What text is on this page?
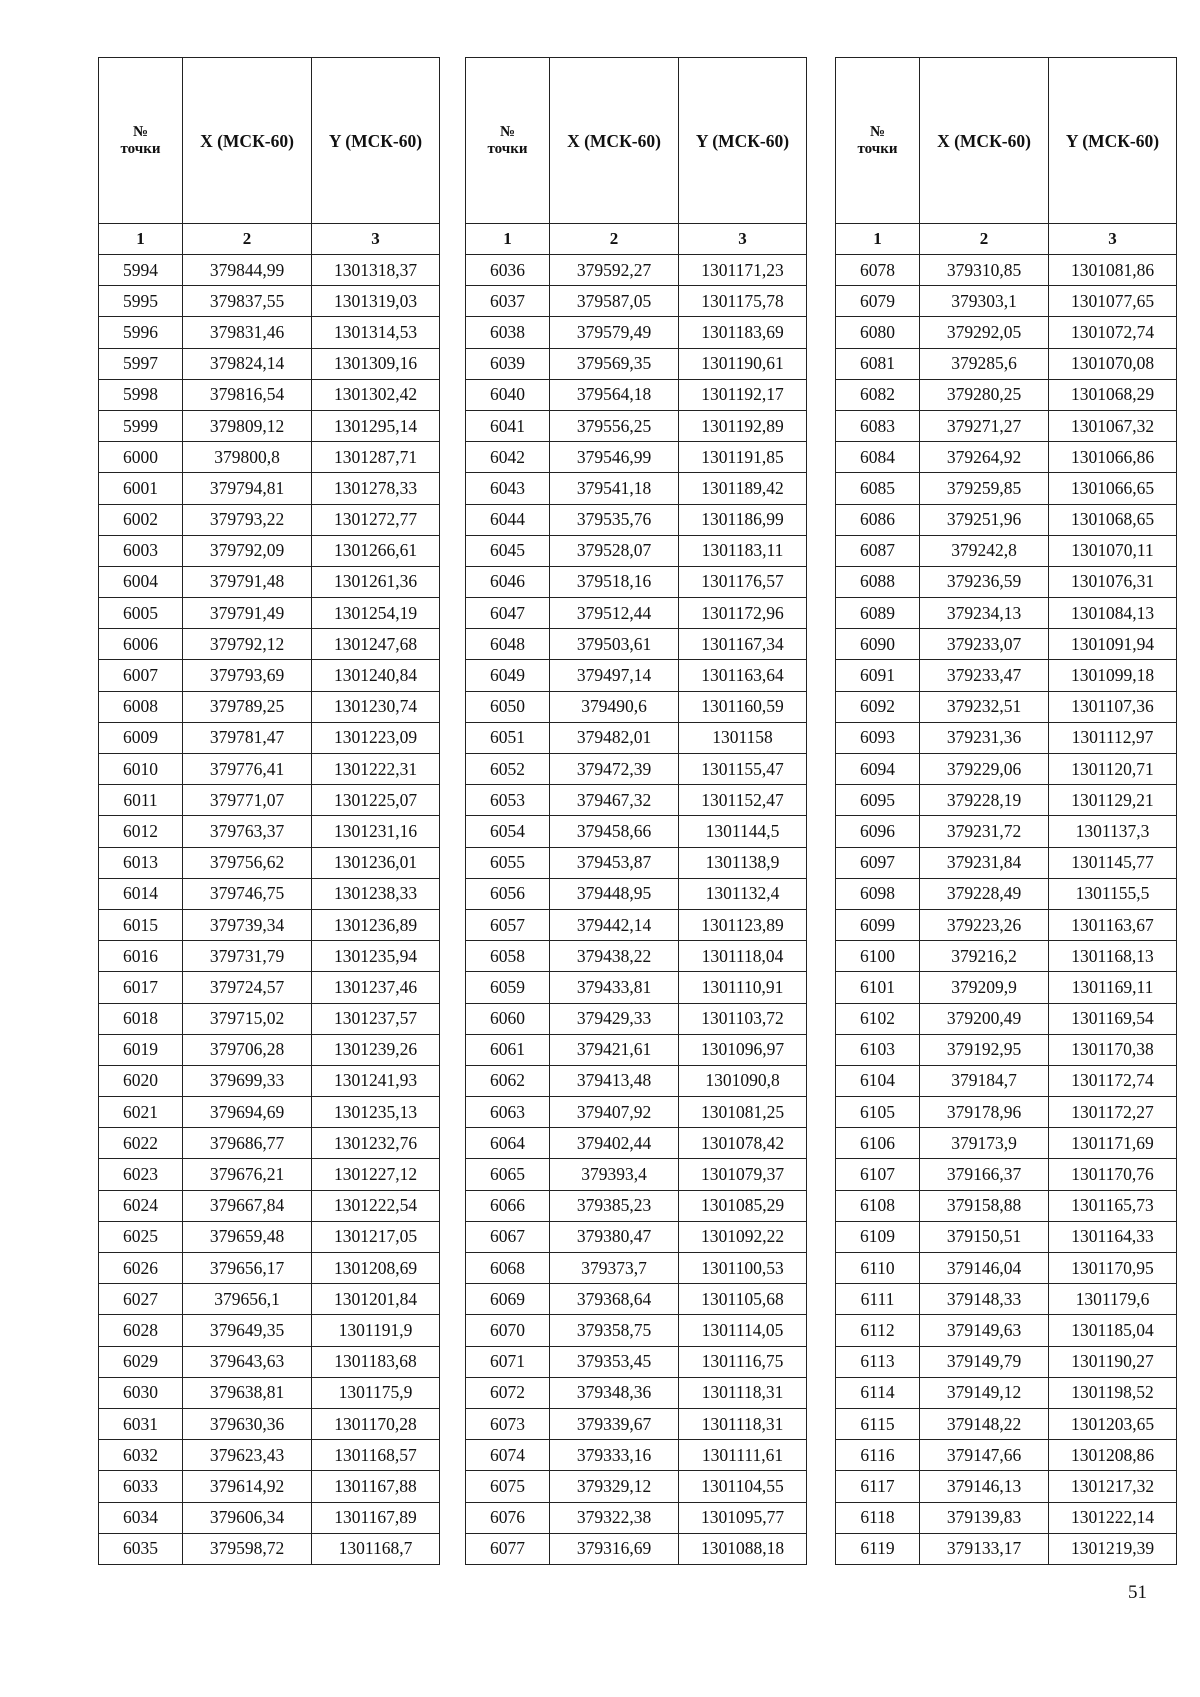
№
точки	X (МСК-60)	Y (МСК-60)
1	2	3
5994	379844,99	1301318,37
5995	379837,55	1301319,03
5996	379831,46	1301314,53
5997	379824,14	1301309,16
5998	379816,54	1301302,42
5999	379809,12	1301295,14
6000	379800,8	1301287,71
6001	379794,81	1301278,33
6002	379793,22	1301272,77
6003	379792,09	1301266,61
6004	379791,48	1301261,36
6005	379791,49	1301254,19
6006	379792,12	1301247,68
6007	379793,69	1301240,84
6008	379789,25	1301230,74
6009	379781,47	1301223,09
6010	379776,41	1301222,31
6011	379771,07	1301225,07
6012	379763,37	1301231,16
6013	379756,62	1301236,01
6014	379746,75	1301238,33
6015	379739,34	1301236,89
6016	379731,79	1301235,94
6017	379724,57	1301237,46
6018	379715,02	1301237,57
6019	379706,28	1301239,26
6020	379699,33	1301241,93
6021	379694,69	1301235,13
6022	379686,77	1301232,76
6023	379676,21	1301227,12
6024	379667,84	1301222,54
6025	379659,48	1301217,05
6026	379656,17	1301208,69
6027	379656,1	1301201,84
6028	379649,35	1301191,9
6029	379643,63	1301183,68
6030	379638,81	1301175,9
6031	379630,36	1301170,28
6032	379623,43	1301168,57
6033	379614,92	1301167,88
6034	379606,34	1301167,89
6035	379598,72	1301168,7
№
точки	X (МСК-60)	Y (МСК-60)
1	2	3
6036	379592,27	1301171,23
6037	379587,05	1301175,78
6038	379579,49	1301183,69
6039	379569,35	1301190,61
6040	379564,18	1301192,17
6041	379556,25	1301192,89
6042	379546,99	1301191,85
6043	379541,18	1301189,42
6044	379535,76	1301186,99
6045	379528,07	1301183,11
6046	379518,16	1301176,57
6047	379512,44	1301172,96
6048	379503,61	1301167,34
6049	379497,14	1301163,64
6050	379490,6	1301160,59
6051	379482,01	1301158
6052	379472,39	1301155,47
6053	379467,32	1301152,47
6054	379458,66	1301144,5
6055	379453,87	1301138,9
6056	379448,95	1301132,4
6057	379442,14	1301123,89
6058	379438,22	1301118,04
6059	379433,81	1301110,91
6060	379429,33	1301103,72
6061	379421,61	1301096,97
6062	379413,48	1301090,8
6063	379407,92	1301081,25
6064	379402,44	1301078,42
6065	379393,4	1301079,37
6066	379385,23	1301085,29
6067	379380,47	1301092,22
6068	379373,7	1301100,53
6069	379368,64	1301105,68
6070	379358,75	1301114,05
6071	379353,45	1301116,75
6072	379348,36	1301118,31
6073	379339,67	1301118,31
6074	379333,16	1301111,61
6075	379329,12	1301104,55
6076	379322,38	1301095,77
6077	379316,69	1301088,18
№
точки	X (МСК-60)	Y (МСК-60)
1	2	3
6078	379310,85	1301081,86
6079	379303,1	1301077,65
6080	379292,05	1301072,74
6081	379285,6	1301070,08
6082	379280,25	1301068,29
6083	379271,27	1301067,32
6084	379264,92	1301066,86
6085	379259,85	1301066,65
6086	379251,96	1301068,65
6087	379242,8	1301070,11
6088	379236,59	1301076,31
6089	379234,13	1301084,13
6090	379233,07	1301091,94
6091	379233,47	1301099,18
6092	379232,51	1301107,36
6093	379231,36	1301112,97
6094	379229,06	1301120,71
6095	379228,19	1301129,21
6096	379231,72	1301137,3
6097	379231,84	1301145,77
6098	379228,49	1301155,5
6099	379223,26	1301163,67
6100	379216,2	1301168,13
6101	379209,9	1301169,11
6102	379200,49	1301169,54
6103	379192,95	1301170,38
6104	379184,7	1301172,74
6105	379178,96	1301172,27
6106	379173,9	1301171,69
6107	379166,37	1301170,76
6108	379158,88	1301165,73
6109	379150,51	1301164,33
6110	379146,04	1301170,95
6111	379148,33	1301179,6
6112	379149,63	1301185,04
6113	379149,79	1301190,27
6114	379149,12	1301198,52
6115	379148,22	1301203,65
6116	379147,66	1301208,86
6117	379146,13	1301217,32
6118	379139,83	1301222,14
6119	379133,17	1301219,39
51
